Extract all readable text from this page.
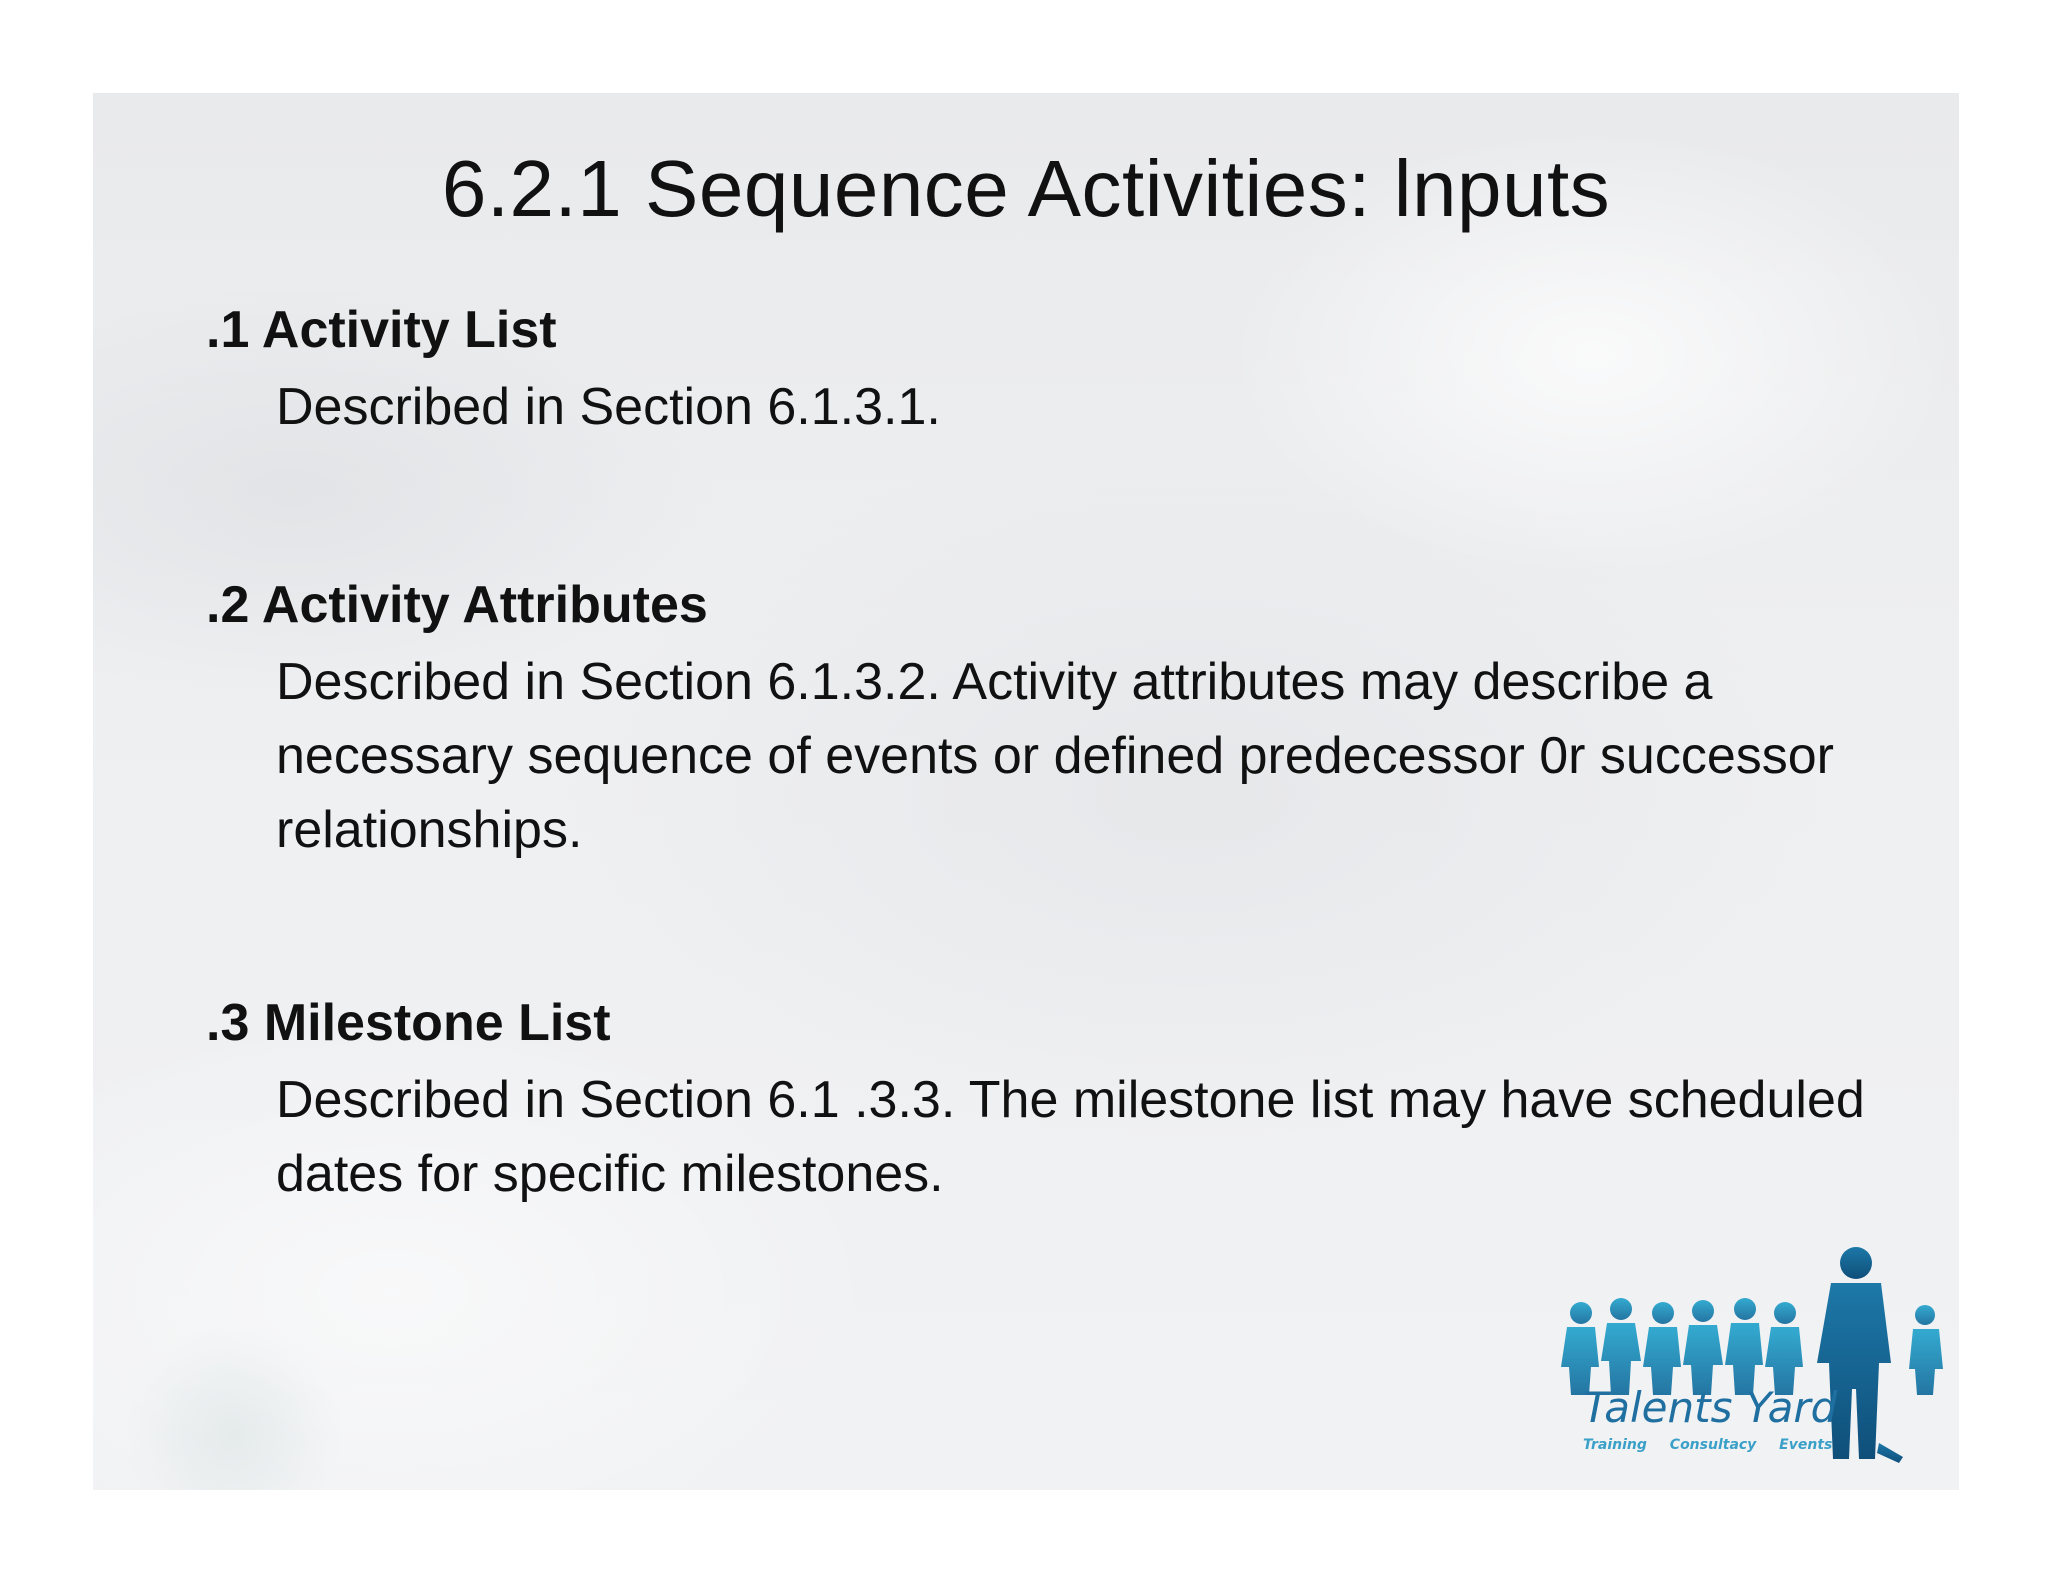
6.2.1 Sequence Activities: lnputs

.1 Activity List

Described in Section 6.1.3.1.

.2 Activity Attributes

Described in Section 6.1.3.2. Activity attributes may describe a necessary sequence of events or defined predecessor 0r successor relationships.

.3 Milestone List

Described in Section 6.1 .3.3. The milestone list may have scheduled dates for specific milestones.

Talents Yard
Training Consultacy Events
